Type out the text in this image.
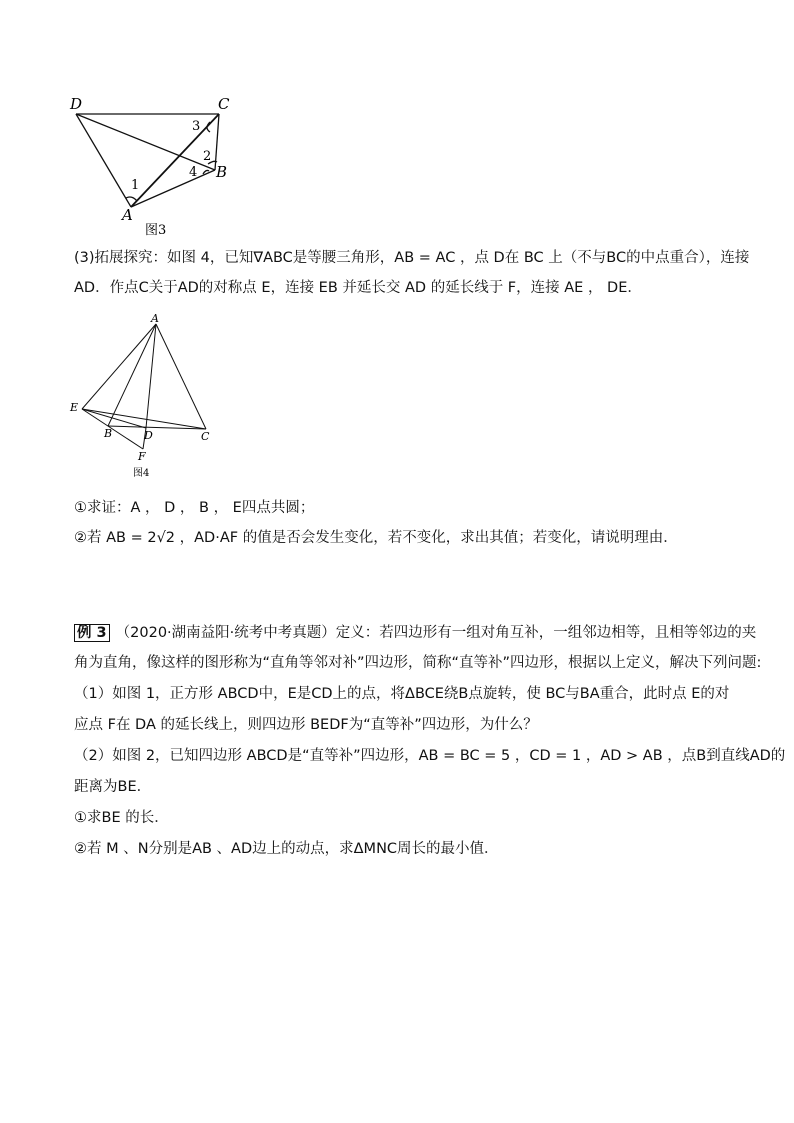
D	C
B
A
1
2
3
4
图3
(3)拓展探究：如图 4，已知∇ABC是等腰三角形，AB = AC ，点 D在 BC 上（不与BC的中点重合），连接
AD．作点C关于AD的对称点 E，连接 EB 并延长交 AD 的延长线于 F，连接 AE ， DE．
A
E
B	D	C
F
图4
①求证：A ， D ， B ， E四点共圆；
②若 AB = 2√2 ，AD·AF 的值是否会发生变化，若不变化，求出其值；若变化，请说明理由．
例 3 （2020·湖南益阳·统考中考真题）定义：若四边形有一组对角互补，一组邻边相等，且相等邻边的夹
角为直角，像这样的图形称为“直角等邻对补”四边形，简称“直等补”四边形，根据以上定义，解决下列问题:
（1）如图 1，正方形 ABCD中，E是CD上的点，将ΔBCE绕B点旋转，使 BC与BA重合，此时点 E的对
应点 F在 DA 的延长线上，则四边形 BEDF为“直等补”四边形，为什么？
（2）如图 2，已知四边形 ABCD是“直等补”四边形，AB = BC = 5 ，CD = 1 ，AD > AB ，点B到直线AD的
距离为BE．
①求BE 的长．
②若 M 、N分别是AB 、AD边上的动点，求ΔMNC周长的最小值．
